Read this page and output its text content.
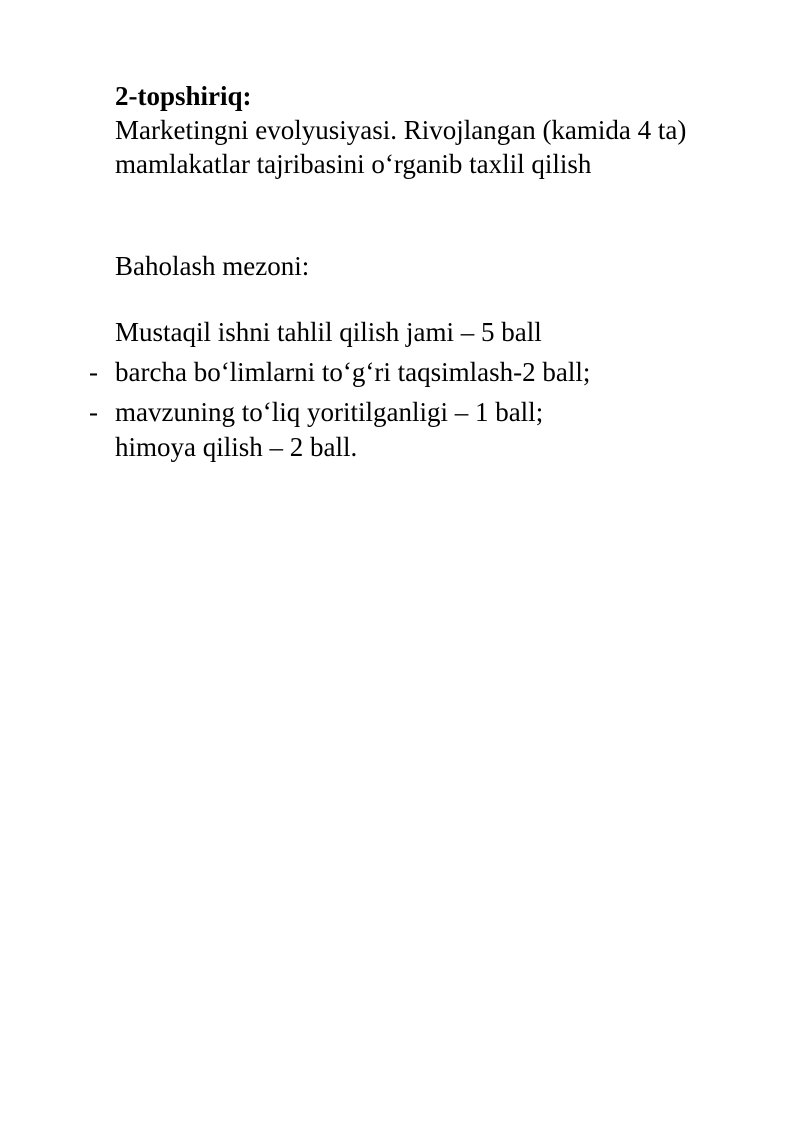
2-topshiriq:
Marketingni evolyusiyasi. Rivojlangan (kamida 4 ta)
mamlakatlar tajribasini o‘rganib taxlil qilish
Baholash mezoni:
Mustaqil ishni tahlil qilish jami – 5 ball
- barcha bo‘limlarni to‘g‘ri taqsimlash-2 ball;
- mavzuning to‘liq yoritilganligi – 1 ball;
himoya qilish – 2 ball.
